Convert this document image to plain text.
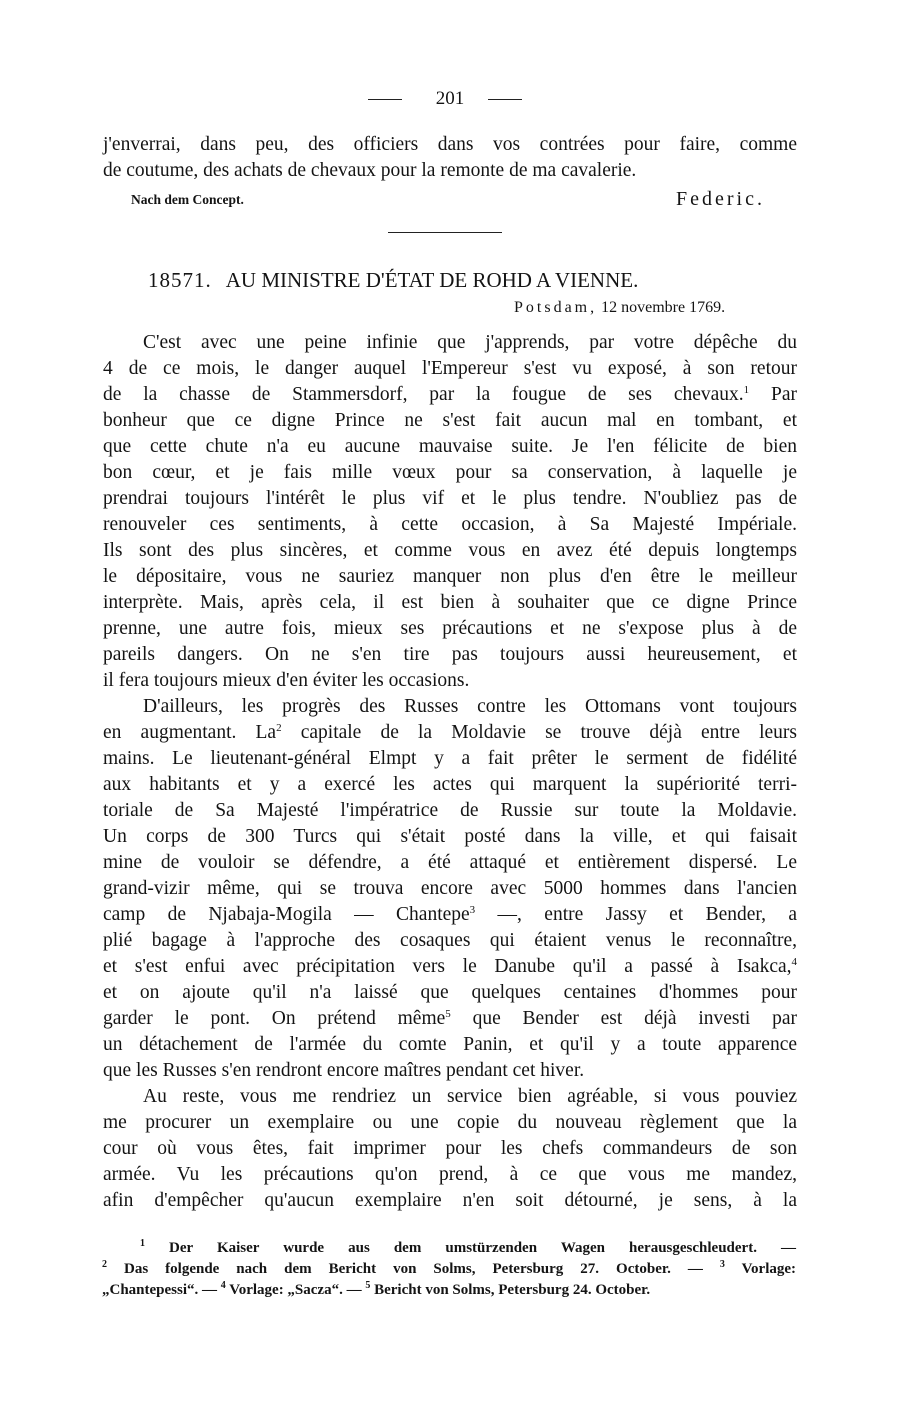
201
j'enverrai, dans peu, des officiers dans vos contrées pour faire, comme
de coutume, des achats de chevaux pour la remonte de ma cavalerie.
Nach dem Concept.	Federic.
18571. AU MINISTRE D'ÉTAT DE ROHD A VIENNE.
Potsdam, 12 novembre 1769.
C'est avec une peine infinie que j'apprends, par votre dépêche du
4 de ce mois, le danger auquel l'Empereur s'est vu exposé, à son retour
de la chasse de Stammersdorf, par la fougue de ses chevaux.$^1$ Par
bonheur que ce digne Prince ne s'est fait aucun mal en tombant, et
que cette chute n'a eu aucune mauvaise suite. Je l'en félicite de bien
bon cœur, et je fais mille vœux pour sa conservation, à laquelle je
prendrai toujours l'intérêt le plus vif et le plus tendre. N'oubliez pas de
renouveler ces sentiments, à cette occasion, à Sa Majesté Impériale.
Ils sont des plus sincères, et comme vous en avez été depuis longtemps
le dépositaire, vous ne sauriez manquer non plus d'en être le meilleur
interprète. Mais, après cela, il est bien à souhaiter que ce digne Prince
prenne, une autre fois, mieux ses précautions et ne s'expose plus à de
pareils dangers. On ne s'en tire pas toujours aussi heureusement, et
il fera toujours mieux d'en éviter les occasions.
D'ailleurs, les progrès des Russes contre les Ottomans vont toujours
en augmentant. La$^2$ capitale de la Moldavie se trouve déjà entre leurs
mains. Le lieutenant-général Elmpt y a fait prêter le serment de fidélité
aux habitants et y a exercé les actes qui marquent la supériorité terri-
toriale de Sa Majesté l'impératrice de Russie sur toute la Moldavie.
Un corps de 300 Turcs qui s'était posté dans la ville, et qui faisait
mine de vouloir se défendre, a été attaqué et entièrement dispersé. Le
grand-vizir même, qui se trouva encore avec 5000 hommes dans l'ancien
camp de Njabaja-Mogila — Chantepe$^3$ —, entre Jassy et Bender, a
plié bagage à l'approche des cosaques qui étaient venus le reconnaître,
et s'est enfui avec précipitation vers le Danube qu'il a passé à Isakca,$^4$
et on ajoute qu'il n'a laissé que quelques centaines d'hommes pour
garder le pont. On prétend même$^5$ que Bender est déjà investi par
un détachement de l'armée du comte Panin, et qu'il y a toute apparence
que les Russes s'en rendront encore maîtres pendant cet hiver.
Au reste, vous me rendriez un service bien agréable, si vous pouviez
me procurer un exemplaire ou une copie du nouveau règlement que la
cour où vous êtes, fait imprimer pour les chefs commandeurs de son
armée. Vu les précautions qu'on prend, à ce que vous me mandez,
afin d'empêcher qu'aucun exemplaire n'en soit détourné, je sens, à la
$^1$ Der Kaiser wurde aus dem umstürzenden Wagen herausgeschleudert. —
$^2$ Das folgende nach dem Bericht von Solms, Petersburg 27. October. — $^3$ Vorlage:
„Chantepessi“. — $^4$ Vorlage: „Sacza“. — $^5$ Bericht von Solms, Petersburg 24. October.
